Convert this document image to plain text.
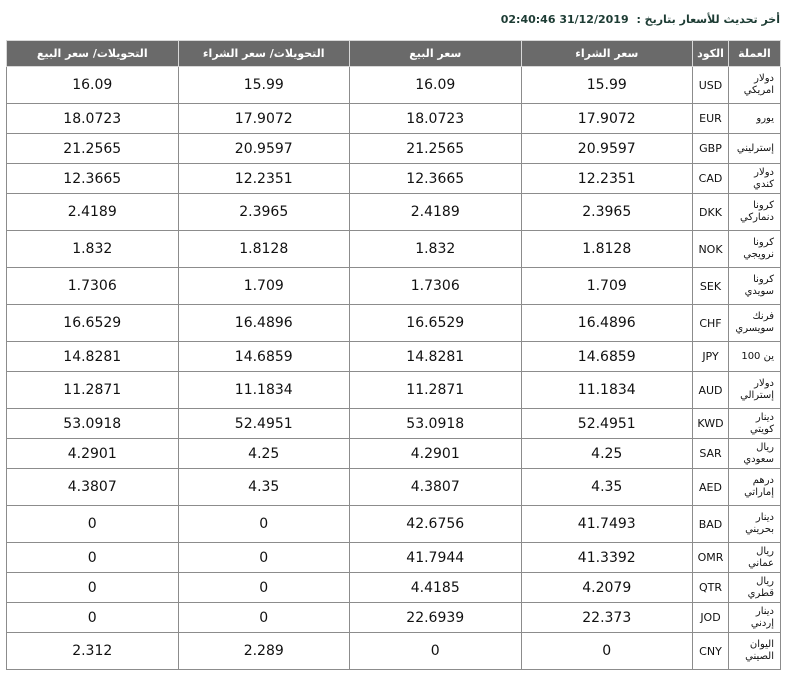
أخر تحديث للأسعار بتاريخ : 31/12/2019 02:40:46
العملة	الكود	سعر الشراء	سعر البيع	التحويلات/ سعر الشراء	التحويلات/ سعر البيع
دولار امريكي	USD	15.99	16.09	15.99	16.09
يورو	EUR	17.9072	18.0723	17.9072	18.0723
إسترليني	GBP	20.9597	21.2565	20.9597	21.2565
دولار كندي	CAD	12.2351	12.3665	12.2351	12.3665
كرونا دنماركي	DKK	2.3965	2.4189	2.3965	2.4189
كرونا نرويجي	NOK	1.8128	1.832	1.8128	1.832
كرونا سويدي	SEK	1.709	1.7306	1.709	1.7306
فرنك سويسري	CHF	16.4896	16.6529	16.4896	16.6529
ين 100	JPY	14.6859	14.8281	14.6859	14.8281
دولار إسترالي	AUD	11.1834	11.2871	11.1834	11.2871
دينار كويتي	KWD	52.4951	53.0918	52.4951	53.0918
ريال سعودي	SAR	4.25	4.2901	4.25	4.2901
درهم إماراتي	AED	4.35	4.3807	4.35	4.3807
دينار بحريني	BAD	41.7493	42.6756	0	0
ريال عماني	OMR	41.3392	41.7944	0	0
ريال قطري	QTR	4.2079	4.4185	0	0
دينار إردني	JOD	22.373	22.6939	0	0
اليوان الصيني	CNY	0	0	2.289	2.312
